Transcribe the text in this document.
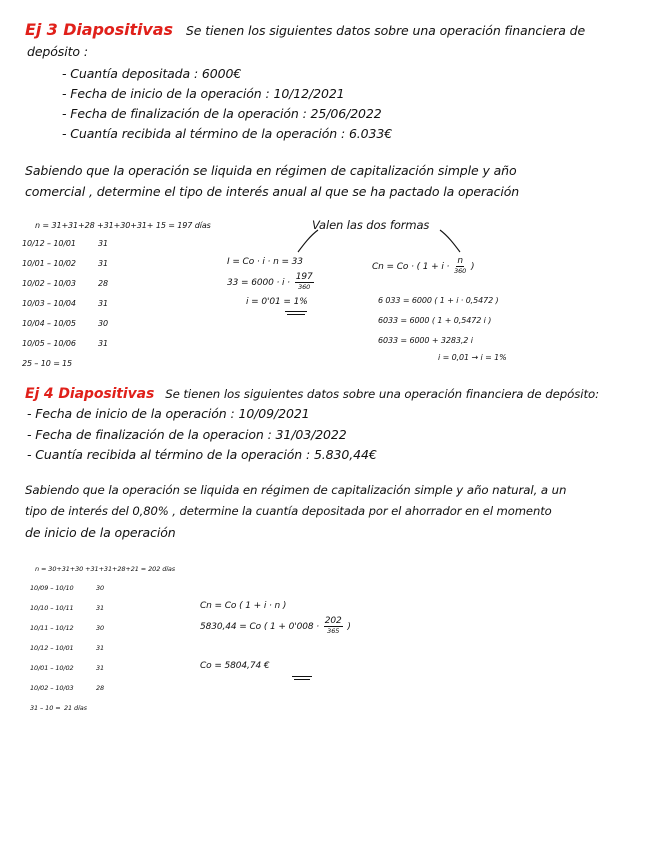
Ej 3 Diapositivas Se tienen los siguientes datos sobre una operación financiera de
depósito :
- Cuantía depositada : 6000€
- Fecha de inicio de la operación : 10/12/2021
- Fecha de finalización de la operación : 25/06/2022
- Cuantía recibida al término de la operación : 6.033€
Sabiendo que la operación se liquida en régimen de capitalización simple y año
comercial , determine el tipo de interés anual al que se ha pactado la operación
Valen las dos formas
n = 31+31+28 +31+30+31+ 15 = 197 días
10/12 – 10/01	31
10/01 – 10/02	31
10/02 – 10/03	28
10/03 – 10/04	31
10/04 – 10/05	30
10/05 – 10/06	31
25 – 10 = 15
I = Co · i · n = 33
$33 = 6000 \cdot i \cdot \frac{197}{360}$
i = 0'01 = 1%
Cn = Co · ( $1 + i \cdot \frac{n}{360}$ )
6 033 = 6000 ( 1 + i · 0,5472 )
6033 = 6000 ( 1 + 0,5472 i )
6033 = 6000 + 3283,2 i
i = 0,01 → i = 1%
Ej 4 Diapositivas Se tienen los siguientes datos sobre una operación financiera de depósito:
- Fecha de inicio de la operación : 10/09/2021
- Fecha de finalización de la operacion : 31/03/2022
- Cuantía recibida al término de la operación : 5.830,44€
Sabiendo que la operación se liquida en régimen de capitalización simple y año natural, a un
tipo de interés del 0,80% , determine la cuantía depositada por el ahorrador en el momento
de inicio de la operación
n = 30+31+30 +31+31+28+21 = 202 días
10/09 – 10/10	30
10/10 – 10/11	31
10/11 – 10/12	30
10/12 – 10/01	31
10/01 – 10/02	31
10/02 – 10/03	28
31 – 10 = 21 días
Cn = Co ( 1 + i · n )
5830,44 = Co ( $1 + 0'008 \cdot \frac{202}{365}$ )
Co = 5804,74 €
